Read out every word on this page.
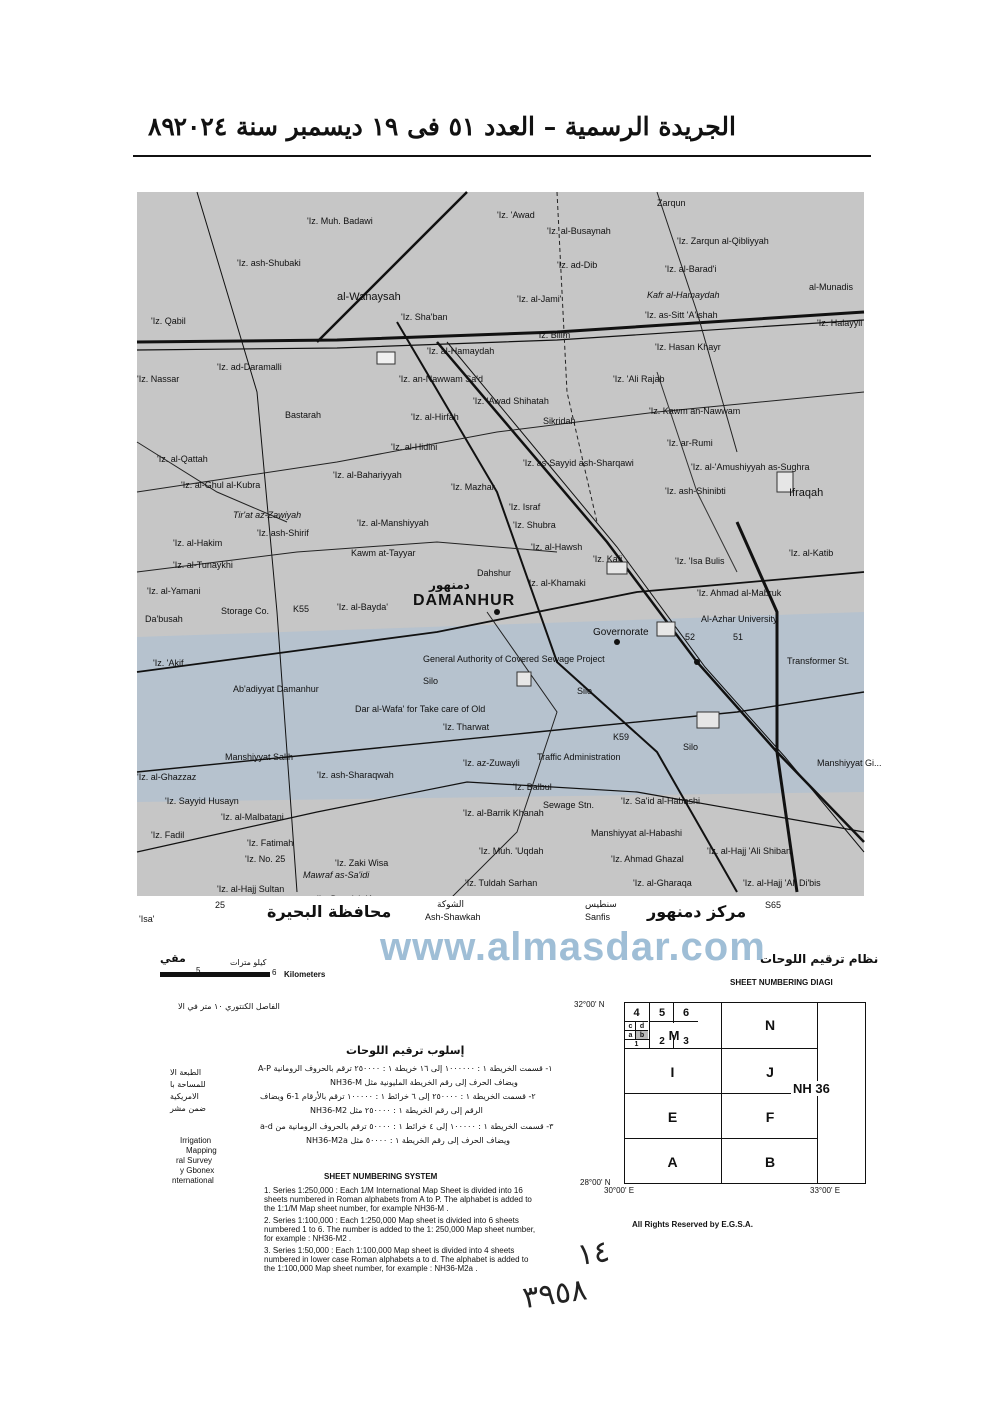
الجريدة الرسمية – العدد ٥١ فى ١٩ ديسمبر سنة ٢٠٢٤
٨٩
Zarqun
'Iz. Muh. Badawi
'Iz. 'Awad
'Iz. al-Busaynah
'Iz. Zarqun al-Qibliyyah
al-Munadis
'Iz. ash-Shubaki	'Iz. ad-Dib	'Iz. al-Barad'i
al-Wanaysah
'Iz. Qabil
'Iz. al-Jami'	Kafr al-Hamaydah
'Iz. as-Sitt 'A'ishah
'Iz. Halayyil
'Iz. Sha'ban
'Iz. Bilim
'Iz. al-Hamaydah	'Iz. Hasan Khayr
'Iz. ad-Daramalli
'Iz. Nassar	'Iz. an-Nawwam Sa'd	'Iz. 'Ali Rajab
'Iz. 'Awad Shihatah
Bastarah	'Iz. al-Hirfah	Sikridah
'Iz. Kawm an-Nawwam
'Iz. al-Qattah
'Iz. al-Hidini	'Iz. ar-Rumi
'Iz. al-Ghul al-Kubra
'Iz. as-Sayyid ash-Sharqawi	'Iz. al-'Amushiyyah as-Sughra
'Iz. al-Bahariyyah
Tir'at az-Zawiyah
'Iz. Mazhar	'Iz. ash-Shinibti	Ifraqah
'Iz. Israf
'Iz. al-Manshiyyah	'Iz. Shubra
'Iz. al-Hakim
'Iz. ash-Shirif
Kawm at-Tayyar
'Iz. al-Hawsh
'Iz. al-Katib
'Iz. al-Tunaykhi
'Iz. Kafi	'Iz. 'Isa Bulis
Dahshur
'Iz. al-Khamaki
'Iz. al-Yamani	دمنهور
DAMANHUR	'Iz. Ahmad al-Mabruk
'Iz. al-Bayda'
Storage Co.
Da'busah
K55
Al-Azhar University
Governorate	52	51
Transformer St.
General Authority of Covered Sewage Project
'Iz. 'Akif
Silo
Silo
Ab'adiyyat Damanhur
Dar al-Wafa' for Take care of Old
'Iz. Tharwat
K59
Silo
Manshiyyat Gi...
Manshiyyat Salih
'Iz. al-Ghazzaz	'Iz. ash-Sharaqwah
'Iz. az-Zuwayli
'Iz. Balbul
Traffic Administration
'Iz. Sayyid Husayn
'Iz. al-Malbatani	'Iz. al-Barrik Khanah
Sewage Stn.	'Iz. Sa'id al-Habashi
'Iz. Fadil
'Iz. Fatimah
Manshiyyat al-Habashi
'Iz. No. 25	'Iz. Zaki Wisa
'Iz. Muh. 'Uqdah
'Iz. Ahmad Ghazal
'Iz. al-Hajj 'Ali Shiban
Mawraf as-Sa'idi
'Iz. al-Hajj Sultan
'Iz. Tuldah Sarhan	'Iz. al-Gharaqa	'Iz. al-Hajj 'Ali Di'bis
'Isa'
25	محافظة البحيرة	الشوكة
Ash-Shawkah
سنطيس
Sanfis مركز دمنهور S65
www.almasdar.com
مقي	نظام ترقيم اللوحات
SHEET NUMBERING DIAGI
كيلو مترات
5	6 Kilometers
الفاصل الكنتوري ١٠ متر في الا	32°00' N
28°00' N
30°00' E	33°00' E
إسلوب ترقيم اللوحات
١- قسمت الخريطة ١ : ١٠٠٠٠٠٠ إلى ١٦ خريطة ١ : ٢٥٠٠٠٠ ترقم بالحروف الرومانية A-P
ويضاف الحرف إلى رقم الخريطة المليونية مثل NH36-M
٢- قسمت الخريطة ١ : ٢٥٠٠٠٠ إلى ٦ خرائط ١ : ١٠٠٠٠٠ ترقم بالأرقام 1-6 ويضاف
الرقم إلى رقم الخريطة ١ : ٢٥٠٠٠٠ مثل NH36-M2
٣- قسمت الخريطة ١ : ١٠٠٠٠٠ إلى ٤ خرائط ١ : ٥٠٠٠٠ ترقم بالحروف الرومانية من a-d
ويضاف الحرف إلى رقم الخريطة ١ : ٥٠٠٠٠ مثل NH36-M2a
الطبعة الا
للمساحة با
الامريكية
ضمن مشر
Irrigation
Mapping
ral Survey
y Gbonex
nternational	SHEET NUMBERING SYSTEM
1. Series 1:250,000 : Each 1/M International Map Sheet is divided into 16
sheets numbered in Roman alphabets from A to P. The alphabet is added to
the 1:1/M Map sheet number, for example NH36-M .
2. Series 1:100,000 : Each 1:250,000 Map sheet is divided into 6 sheets
numbered 1 to 6. The number is added to the 1: 250,000 Map sheet number,
for example : NH36-M2 .
3. Series 1:50,000 : Each 1:100,000 Map sheet is divided into 4 sheets
numbered in lower case Roman alphabets a to d. The alphabet is added to
the 1:100,000 Map sheet number, for example : NH36-M2a .
All Rights Reserved by E.G.S.A.
4	5	6
N
M
2	3
c	d
a	b
1
I	J
E	F
A	B
NH 36
١٤
٣٩٥٨
